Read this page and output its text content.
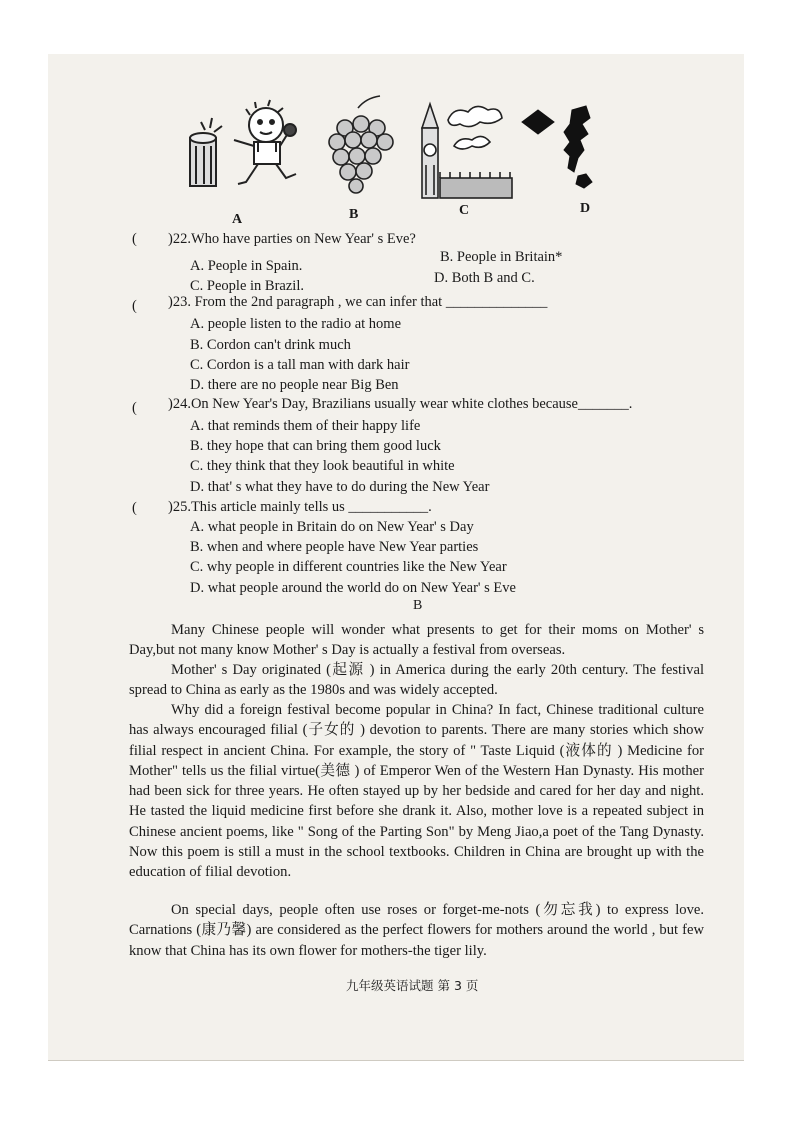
A	B	C	D
( )22.Who have parties on New Year' s Eve?
A. People in Spain.
B. People in Britain*
C. People in Brazil.	D. Both B and C.
( )23. From the 2nd paragraph , we can infer that ______________
A. people listen to the radio at home
B. Cordon can't drink much
C. Cordon is a tall man with dark hair
D. there are no people near Big Ben
( )24.On New Year's Day, Brazilians usually wear white clothes because_______.
A. that reminds them of their happy life
B. they hope that can bring them good luck
C. they think that they look beautiful in white
D. that' s what they have to do during the New Year
( )25.This article mainly tells us ___________.
A. what people in Britain do on New Year' s Day
B. when and where people have New Year parties
C. why people in different countries like the New Year
D. what people around the world do on New Year' s Eve
B
Many Chinese people will wonder what presents to get for their moms on Mother' s Day,but not many know Mother' s Day is actually a festival from overseas.
Mother' s Day originated (起源 ) in America during the early 20th century. The festival spread to China as early as the 1980s and was widely accepted.
Why did a foreign festival become popular in China? In fact, Chinese traditional culture has always encouraged filial (子女的 ) devotion to parents. There are many stories which show filial respect in ancient China. For example, the story of " Taste Liquid (液体的 ) Medicine for Mother" tells us the filial virtue(美德 ) of Emperor Wen of the Western Han Dynasty. His mother had been sick for three years. He often stayed up by her bedside and cared for her day and night. He tasted the liquid medicine first before she drank it. Also, mother love is a repeated subject in Chinese ancient poems, like " Song of the Parting Son" by Meng Jiao,a poet of the Tang Dynasty. Now this poem is still a must in the school textbooks. Children in China are brought up with the education of filial devotion.
On special days, people often use roses or forget-me-nots (勿忘我) to express love. Carnations (康乃馨) are considered as the perfect flowers for mothers around the world , but few know that China has its own flower for mothers-the tiger lily.
九年级英语试题 第 3 页
